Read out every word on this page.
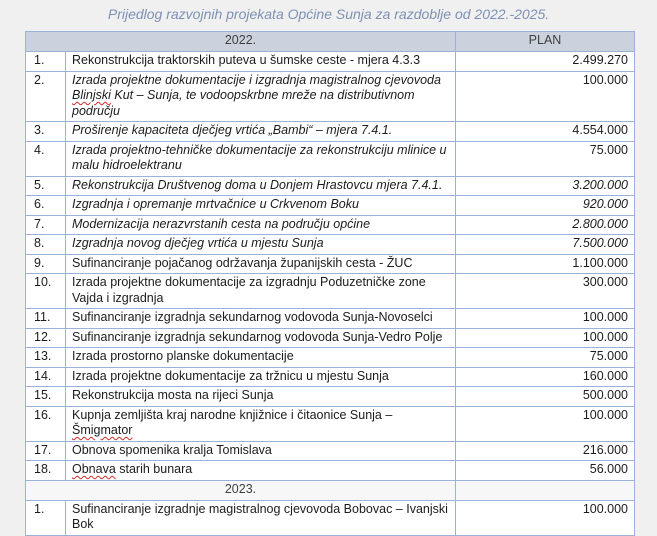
Prijedlog razvojnih projekata Općine Sunja za razdoblje od 2022.-2025.
2022.		PLAN
1.	Rekonstrukcija traktorskih puteva u šumske ceste - mjera 4.3.3	2.499.270
2.	Izrada projektne dokumentacije i izgradnja magistralnog cjevovoda Blinjski Kut – Sunja, te vodoopskrbne mreže na distributivnom području	100.000
3.	Proširenje kapaciteta dječjeg vrtića „Bambi“ – mjera 7.4.1.	4.554.000
4.	Izrada projektno-tehničke dokumentacije za rekonstrukciju mlinice u malu hidroelektranu	75.000
5.	Rekonstrukcija Društvenog doma u Donjem Hrastovcu mjera 7.4.1.	3.200.000
6.	Izgradnja i opremanje mrtvačnice u Crkvenom Boku	920.000
7.	Modernizacija nerazvrstanih cesta na području općine	2.800.000
8.	Izgradnja novog dječjeg vrtića u mjestu Sunja	7.500.000
9.	Sufinanciranje pojačanog održavanja županijskih cesta - ŽUC	1.100.000
10.	Izrada projektne dokumentacije za izgradnju Poduzetničke zone Vajda i izgradnja	300.000
11.	Sufinanciranje izgradnja sekundarnog vodovoda Sunja-Novoselci	100.000
12.	Sufinanciranje izgradnja sekundarnog vodovoda Sunja-Vedro Polje	100.000
13.	Izrada prostorno planske dokumentacije	75.000
14.	Izrada projektne dokumentacije za tržnicu u mjestu Sunja	160.000
15.	Rekonstrukcija mosta na rijeci Sunja	500.000
16.	Kupnja zemljišta kraj narodne knjižnice i čitaonice Sunja – Šmigmator	100.000
17.	Obnova spomenika kralja Tomislava	216.000
18.	Obnava starih bunara	56.000
2023.		
1.	Sufinanciranje izgradnje magistralnog cjevovoda Bobovac – Ivanjski Bok	100.000
